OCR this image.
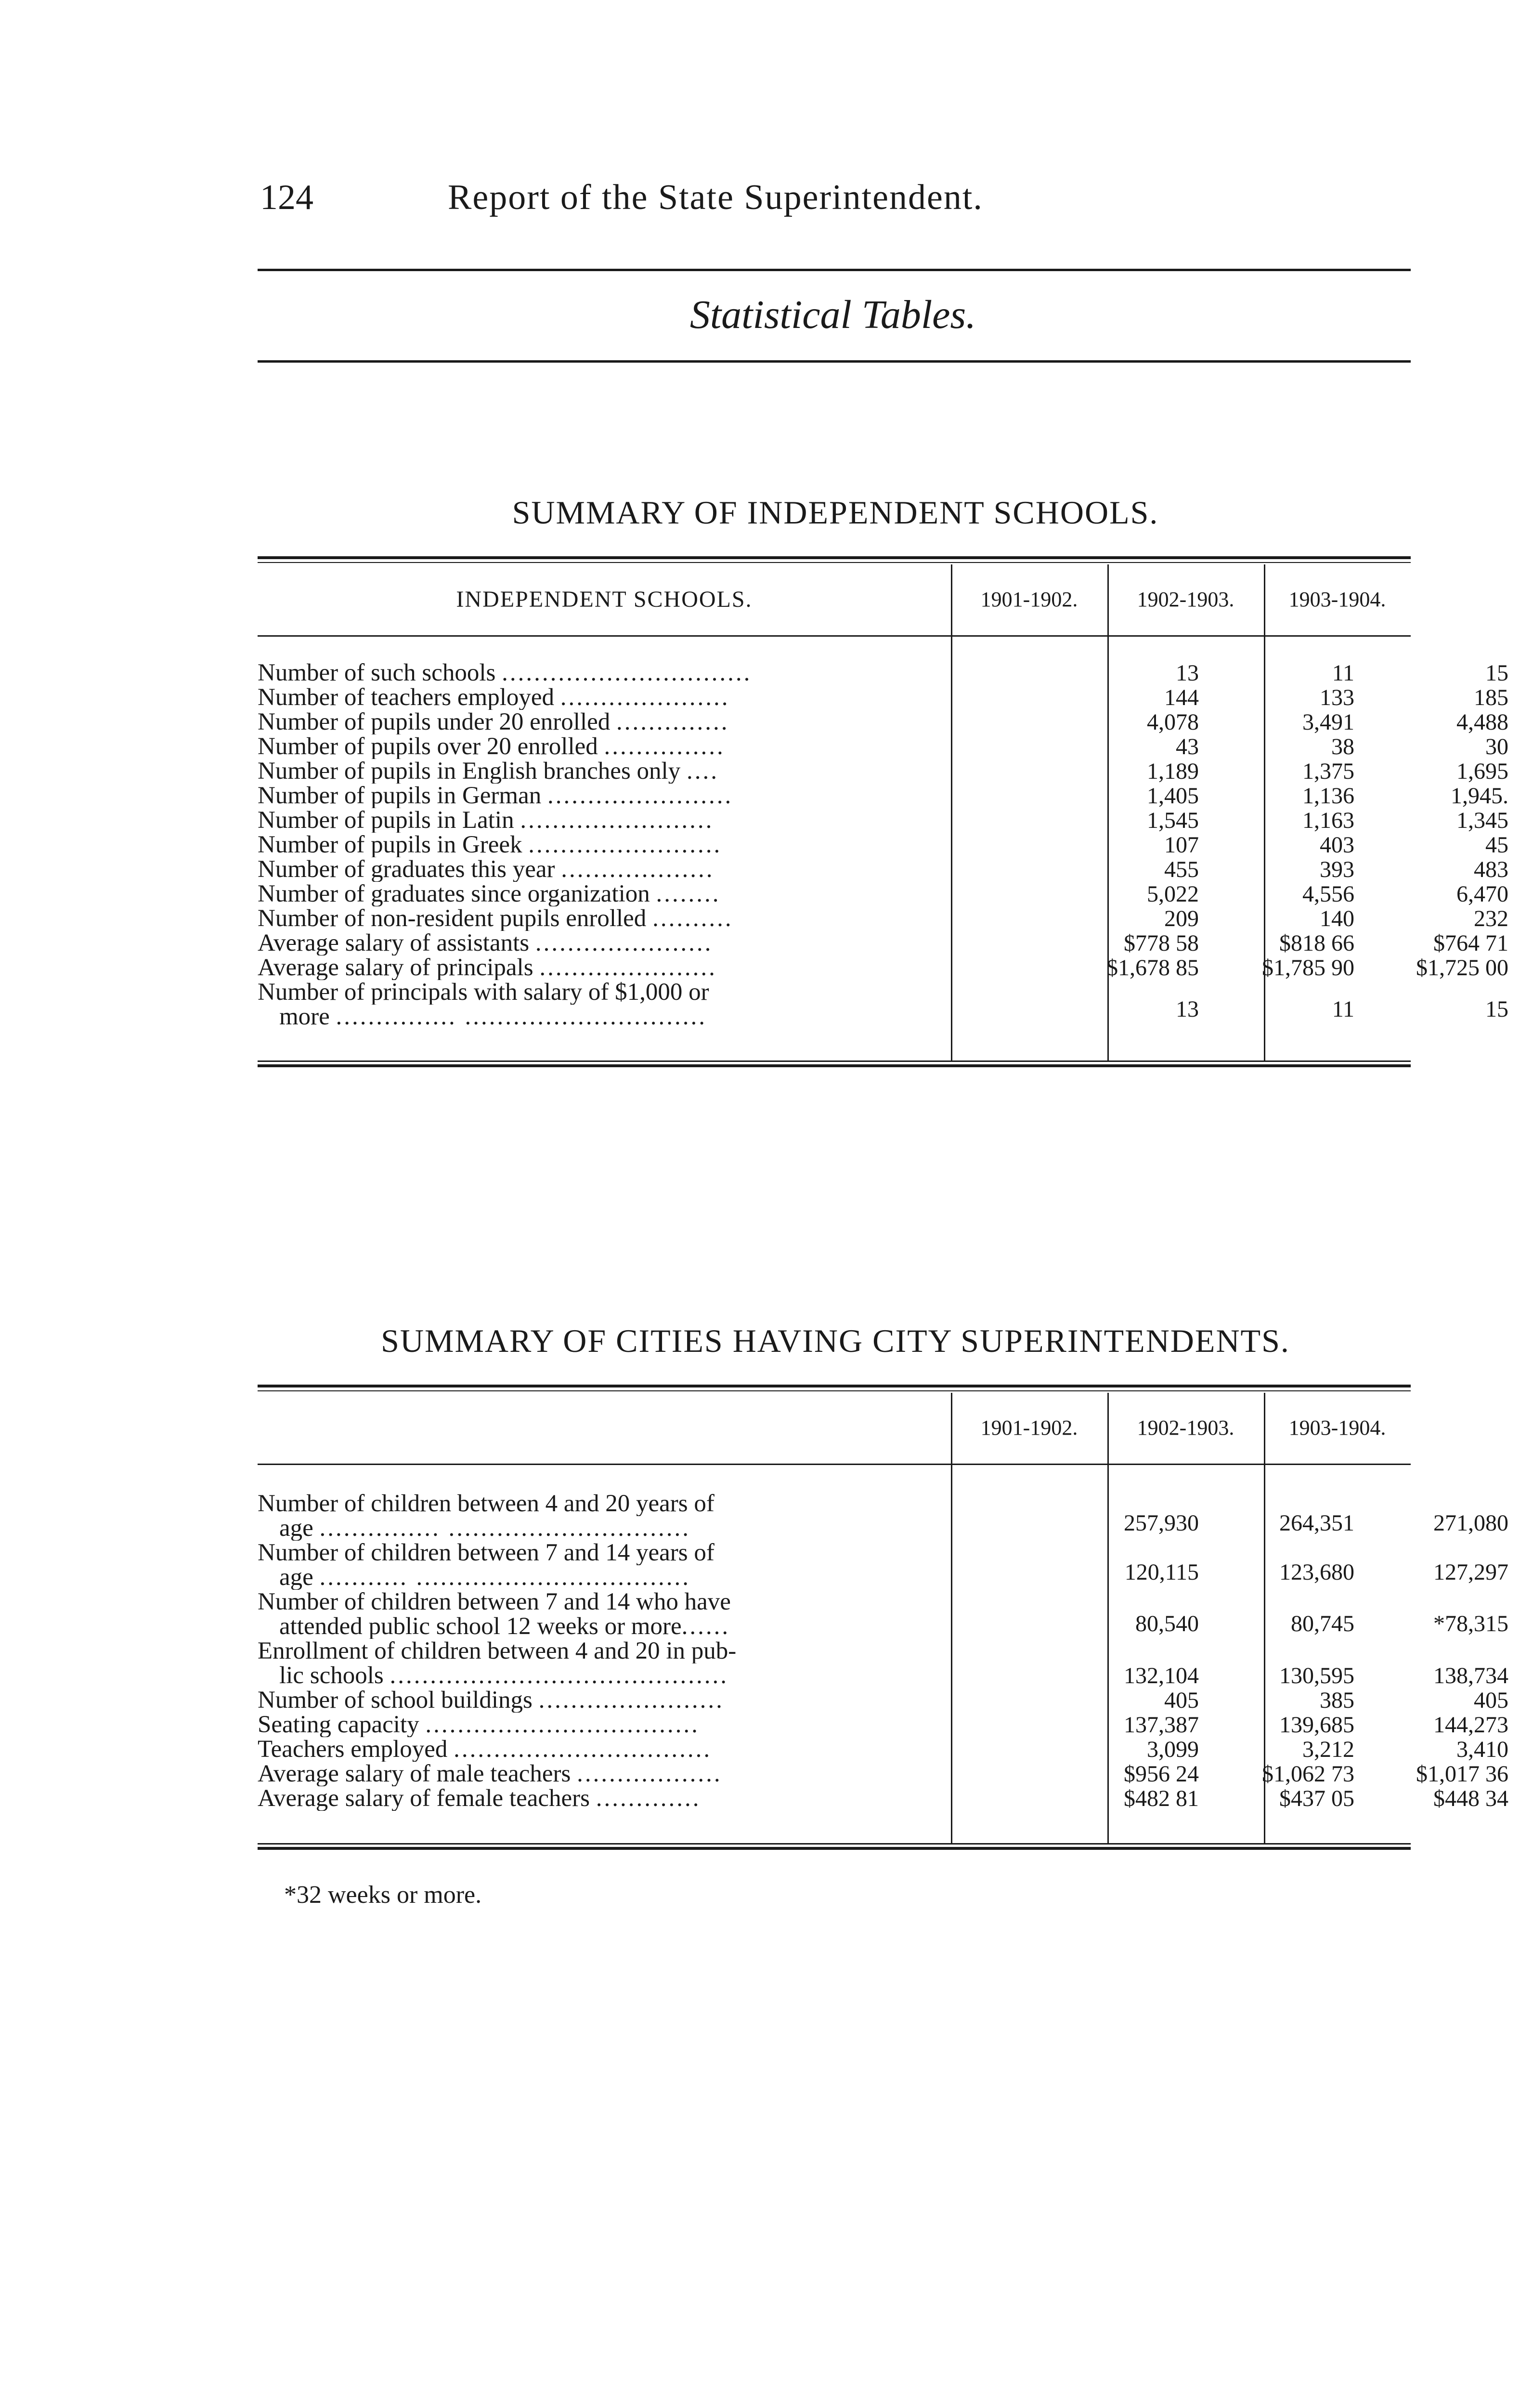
124	Report of the State Superintendent.
Statistical Tables.
SUMMARY OF INDEPENDENT SCHOOLS.
INDEPENDENT SCHOOLS.	1901-1902.	1902-1903.	1903-1904.
Number of such schools ...............................	13	11	15
Number of teachers employed .....................	144	133	185
Number of pupils under 20 enrolled ..............	4,078	3,491	4,488
Number of pupils over 20 enrolled ...............	43	38	30
Number of pupils in English branches only ....	1,189	1,375	1,695
Number of pupils in German .......................	1,405	1,136	1,945.
Number of pupils in Latin ........................	1,545	1,163	1,345
Number of pupils in Greek ........................	107	403	45
Number of graduates this year ...................	455	393	483
Number of graduates since organization ........	5,022	4,556	6,470
Number of non-resident pupils enrolled ..........	209	140	232
Average salary of assistants ......................	$778 58	$818 66	$764 71
Average salary of principals ......................	$1,678 85	$1,785 90	$1,725 00
Number of principals with salary of $1,000 or
more ............... ..............................	13	11	15
SUMMARY OF CITIES HAVING CITY SUPERINTENDENTS.
1901-1902.	1902-1903.	1903-1904.
Number of children between 4 and 20 years of
age ............... ..............................	257,930	264,351	271,080
Number of children between 7 and 14 years of
age ........... ..................................	120,115	123,680	127,297
Number of children between 7 and 14 who have
attended public school 12 weeks or more......	80,540	80,745	*78,315
Enrollment of children between 4 and 20 in pub-
lic schools ..........................................	132,104	130,595	138,734
Number of school buildings .......................	405	385	405
Seating capacity ..................................	137,387	139,685	144,273
Teachers employed ................................	3,099	3,212	3,410
Average salary of male teachers ..................	$956 24	$1,062 73	$1,017 36
Average salary of female teachers .............	$482 81	$437 05	$448 34
*32 weeks or more.
